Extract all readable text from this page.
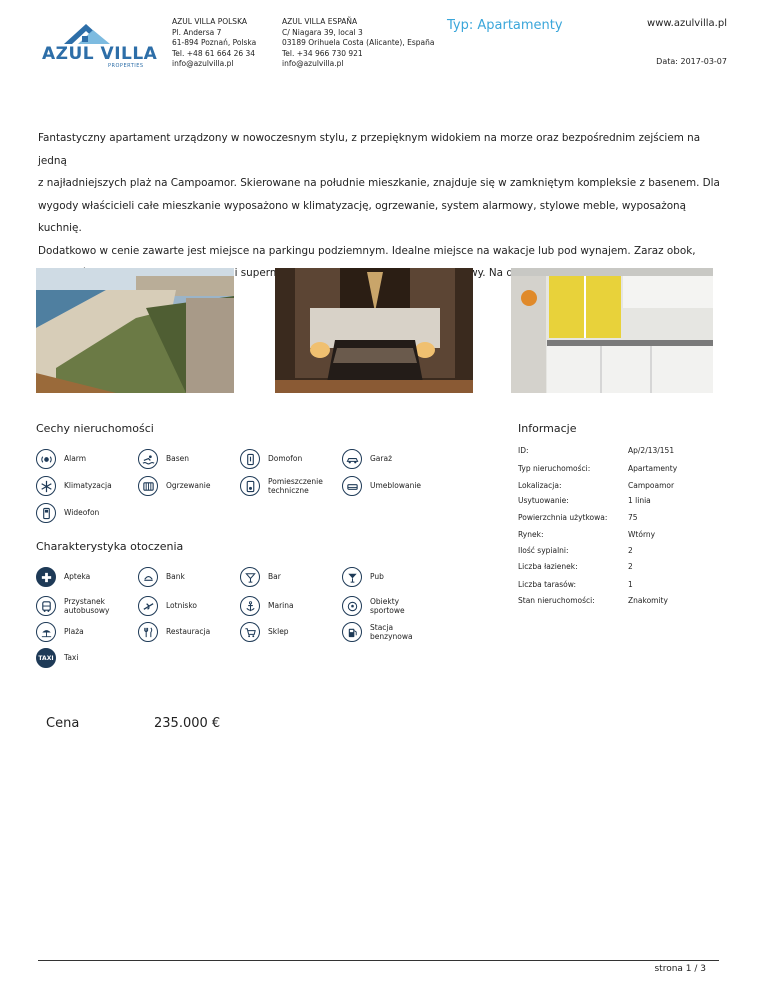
AZUL VILLA
PROPERTIES
AZUL VILLA POLSKA
Pl. Andersa 7
61-894 Poznań, Polska
Tel. +48 61 664 26 34
info@azulvilla.pl
AZUL VILLA ESPAÑA
C/ Niagara 39, local 3
03189 Orihuela Costa (Alicante), España
Tel. +34 966 730 921
info@azulvilla.pl
Typ: Apartamenty	www.azulvilla.pl
Data: 2017-03-07
Fantastyczny apartament urządzony w nowoczesnym stylu, z przepięknym widokiem na morze oraz bezpośrednim zejściem na jedną
z najładniejszych plaż na Campoamor. Skierowane na południe mieszkanie, znajduje się w zamkniętym kompleksie z basenem. Dla
wygody właścicieli całe mieszkanie wyposażono w klimatyzację, ogrzewanie, system alarmowy, stylowe meble, wyposażoną kuchnię.
Dodatkowo w cenie zawarte jest miejsce na parkingu podziemnym. Idealne miejsce na wakacje lub pod wynajem. Zaraz obok,
Na
Cechy nieruchomości
Alarm	Basen	Domofon	Garaż
Klimatyzacja	Ogrzewanie
Pomieszczenie techniczne
Umeblowanie
Wideofon
Charakterystyka otoczenia
Apteka	Bank	Bar	Pub
Przystanek autobusowy
Lotnisko	Marina
Obiekty sportowe
Plaża	Restauracja	Sklep
Stacja benzynowa
TAXI	Taxi
Informacje
ID:	Ap/2/13/151
Typ nieruchomości:	Apartamenty
Lokalizacja:	Campoamor
Usytuowanie:	1 linia
Powierzchnia użytkowa:	75
Rynek:	Wtórny
Ilość sypialni:	2
Liczba łazienek:	2
Liczba tarasów:	1
Stan nieruchomości:	Znakomity
Cena	235.000 €
strona 1 / 3
